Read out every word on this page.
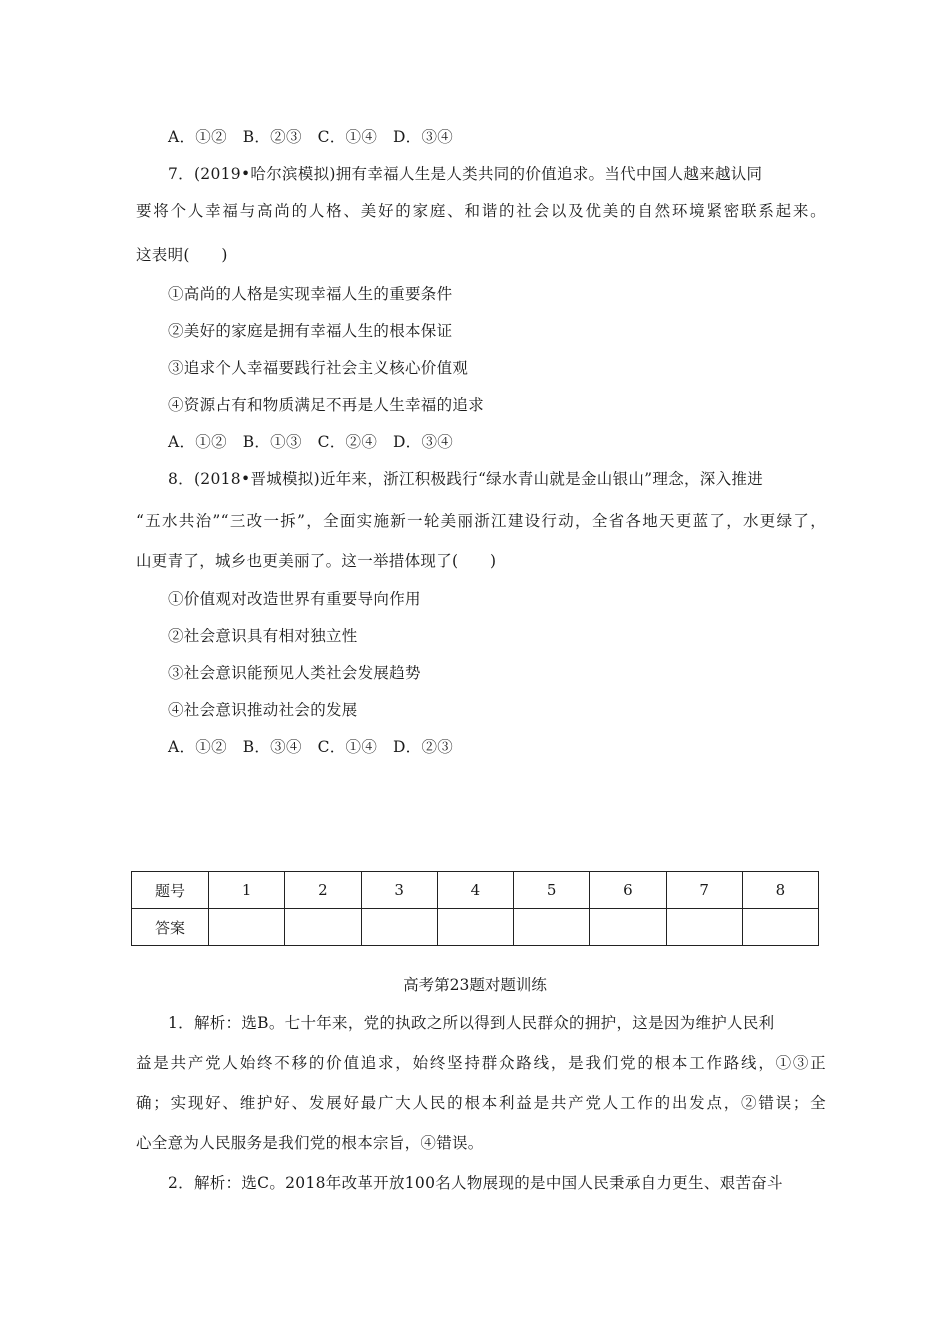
A．①②　B．②③　C．①④　D．③④
7．(2019•哈尔滨模拟)拥有幸福人生是人类共同的价值追求。当代中国人越来越认同
要将个人幸福与高尚的人格、美好的家庭、和谐的社会以及优美的自然环境紧密联系起来。
这表明(　　)
①高尚的人格是实现幸福人生的重要条件
②美好的家庭是拥有幸福人生的根本保证
③追求个人幸福要践行社会主义核心价值观
④资源占有和物质满足不再是人生幸福的追求
A．①②　B．①③　C．②④　D．③④
8．(2018•晋城模拟)近年来，浙江积极践行“绿水青山就是金山银山”理念，深入推进
“五水共治”“三改一拆”，全面实施新一轮美丽浙江建设行动，全省各地天更蓝了，水更绿了，
山更青了，城乡也更美丽了。这一举措体现了(　　)
①价值观对改造世界有重要导向作用
②社会意识具有相对独立性
③社会意识能预见人类社会发展趋势
④社会意识推动社会的发展
A．①②　B．③④　C．①④　D．②③
题号	1	2	3	4	5	6	7	8
答案								
高考第23题对题训练
1．解析：选B。七十年来，党的执政之所以得到人民群众的拥护，这是因为维护人民利
益是共产党人始终不移的价值追求，始终坚持群众路线，是我们党的根本工作路线，①③正
确；实现好、维护好、发展好最广大人民的根本利益是共产党人工作的出发点，②错误；全
心全意为人民服务是我们党的根本宗旨，④错误。
2．解析：选C。2018年改革开放100名人物展现的是中国人民秉承自力更生、艰苦奋斗
